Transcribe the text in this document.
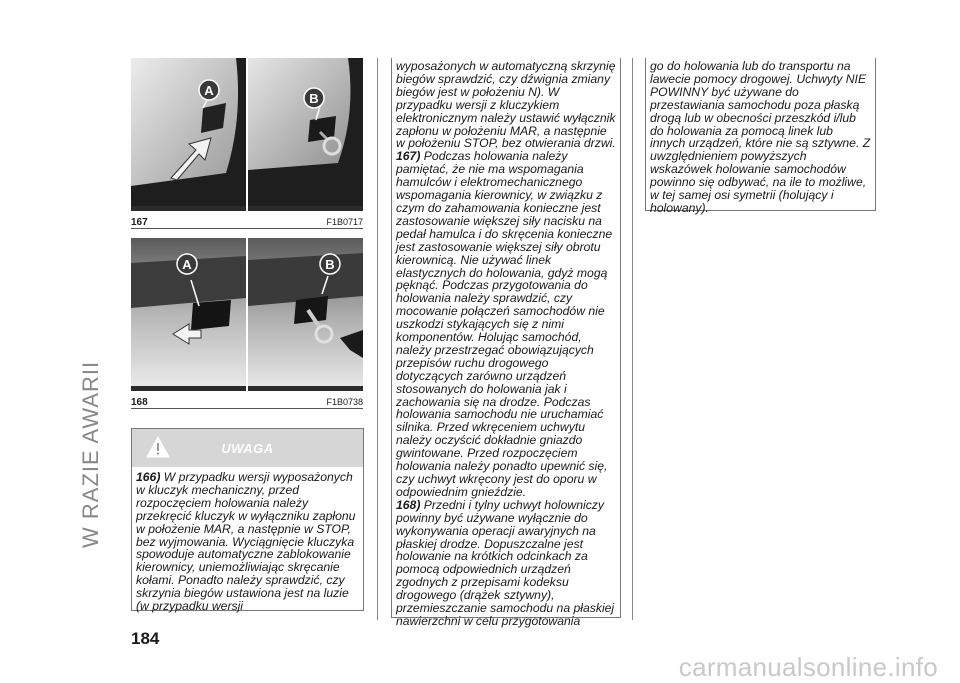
W RAZIE AWARII
A
B
167	F1B0717
A	B
168	F1B0738
UWAGA

166) W przypadku wersji wyposażonych w kluczyk mechaniczny, przed rozpoczęciem holowania należy przekręcić kluczyk w wyłączniku zapłonu w położenie MAR, a następnie w STOP, bez wyjmowania. Wyciągnięcie kluczyka spowoduje automatyczne zablokowanie kierownicy, uniemożliwiając skręcanie kołami. Ponadto należy sprawdzić, czy skrzynia biegów ustawiona jest na luzie (w przypadku wersji

wyposażonych w automatyczną skrzynię biegów sprawdzić, czy dźwignia zmiany biegów jest w położeniu N). W przypadku wersji z kluczykiem elektronicznym należy ustawić wyłącznik zapłonu w położeniu MAR, a następnie w położeniu STOP, bez otwierania drzwi.

167) Podczas holowania należy pamiętać, że nie ma wspomagania hamulców i elektromechanicznego wspomagania kierownicy, w związku z czym do zahamowania konieczne jest zastosowanie większej siły nacisku na pedał hamulca i do skręcenia konieczne jest zastosowanie większej siły obrotu kierownicą. Nie używać linek elastycznych do holowania, gdyż mogą pęknąć. Podczas przygotowania do holowania należy sprawdzić, czy mocowanie połączeń samochodów nie uszkodzi stykających się z nimi komponentów. Holując samochód, należy przestrzegać obowiązujących przepisów ruchu drogowego dotyczących zarówno urządzeń stosowanych do holowania jak i zachowania się na drodze. Podczas holowania samochodu nie uruchamiać silnika. Przed wkręceniem uchwytu należy oczyścić dokładnie gniazdo gwintowane. Przed rozpoczęciem holowania należy ponadto upewnić się, czy uchwyt wkręcony jest do oporu w odpowiednim gnieździe.

168) Przedni i tylny uchwyt holowniczy powinny być używane wyłącznie do wykonywania operacji awaryjnych na płaskiej drodze. Dopuszczalne jest holowanie na krótkich odcinkach za pomocą odpowiednich urządzeń zgodnych z przepisami kodeksu drogowego (drążek sztywny), przemieszczanie samochodu na płaskiej nawierzchni w celu przygotowania

go do holowania lub do transportu na lawecie pomocy drogowej. Uchwyty NIE POWINNY być używane do przestawiania samochodu poza płaską drogą lub w obecności przeszkód i/lub do holowania za pomocą linek lub innych urządzeń, które nie są sztywne. Z uwzględnieniem powyższych wskazówek holowanie samochodów powinno się odbywać, na ile to możliwe, w tej samej osi symetrii (holujący i holowany).

184
carmanualsonline.info
